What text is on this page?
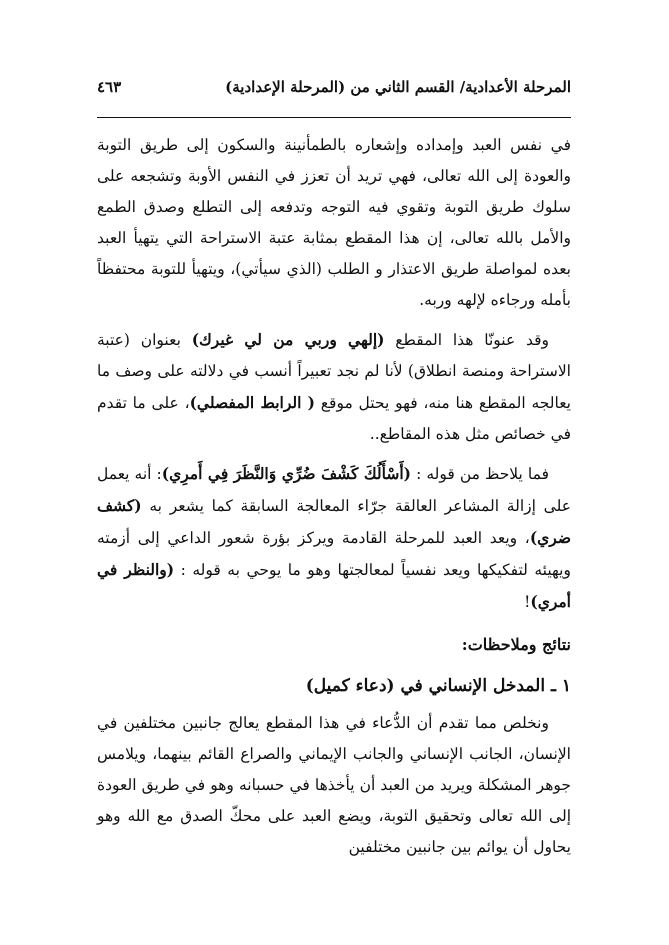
المرحلة الأعدادية/ القسم الثاني من (المرحلة الإعدادية)
٤٦٣

في نفس العبد وإمداده وإشعاره بالطمأنينة والسكون إلى طريق التوبة والعودة إلى الله تعالى، فهي تريد أن تعزز في النفس الأوبة وتشجعه على سلوك طريق التوبة وتقوي فيه التوجه وتدفعه إلى التطلع وصدق الطمع والأمل بالله تعالى، إن هذا المقطع بمثابة عتبة الاستراحة التي يتهيأ العبد بعده لمواصلة طريق الاعتذار و الطلب (الذي سيأتي)، ويتهيأ للتوبة محتفظاً بأمله ورجاءه لإلهه وربه.

وقد عنونّا هذا المقطع (إلهي وربي من لي غيرك) بعنوان (عتبة الاستراحة ومنصة انطلاق) لأنا لم نجد تعبيراً أنسب في دلالته على وصف ما يعالجه المقطع هنا منه، فهو يحتل موقع ( الرابط المفصلي)، على ما تقدم في خصائص مثل هذه المقاطع..

فما يلاحظ من قوله : (أَسْأَلُكَ كَشْفَ ضُرِّي وَالنَّظَرَ فِي أَمرِي): أنه يعمل على إزالة المشاعر العالقة جرّاء المعالجة السابقة كما يشعر به (كشف ضري)، ويعد العبد للمرحلة القادمة ويركز بؤرة شعور الداعي إلى أزمته ويهيئه لتفكيكها ويعد نفسياً لمعالجتها وهو ما يوحي به قوله : (والنظر في أمري)!

نتائج وملاحظات:
١ ـ المدخل الإنساني في (دعاء كميل)

ونخلص مما تقدم أن الدُّعاء في هذا المقطع يعالج جانبين مختلفين في الإنسان، الجانب الإنساني والجانب الإيماني والصراع القائم بينهما، ويلامس جوهر المشكلة ويريد من العبد أن يأخذها في حسبانه وهو في طريق العودة إلى الله تعالى وتحقيق التوبة، ويضع العبد على محكّ الصدق مع الله وهو يحاول أن يوائم بين جانبين مختلفين
